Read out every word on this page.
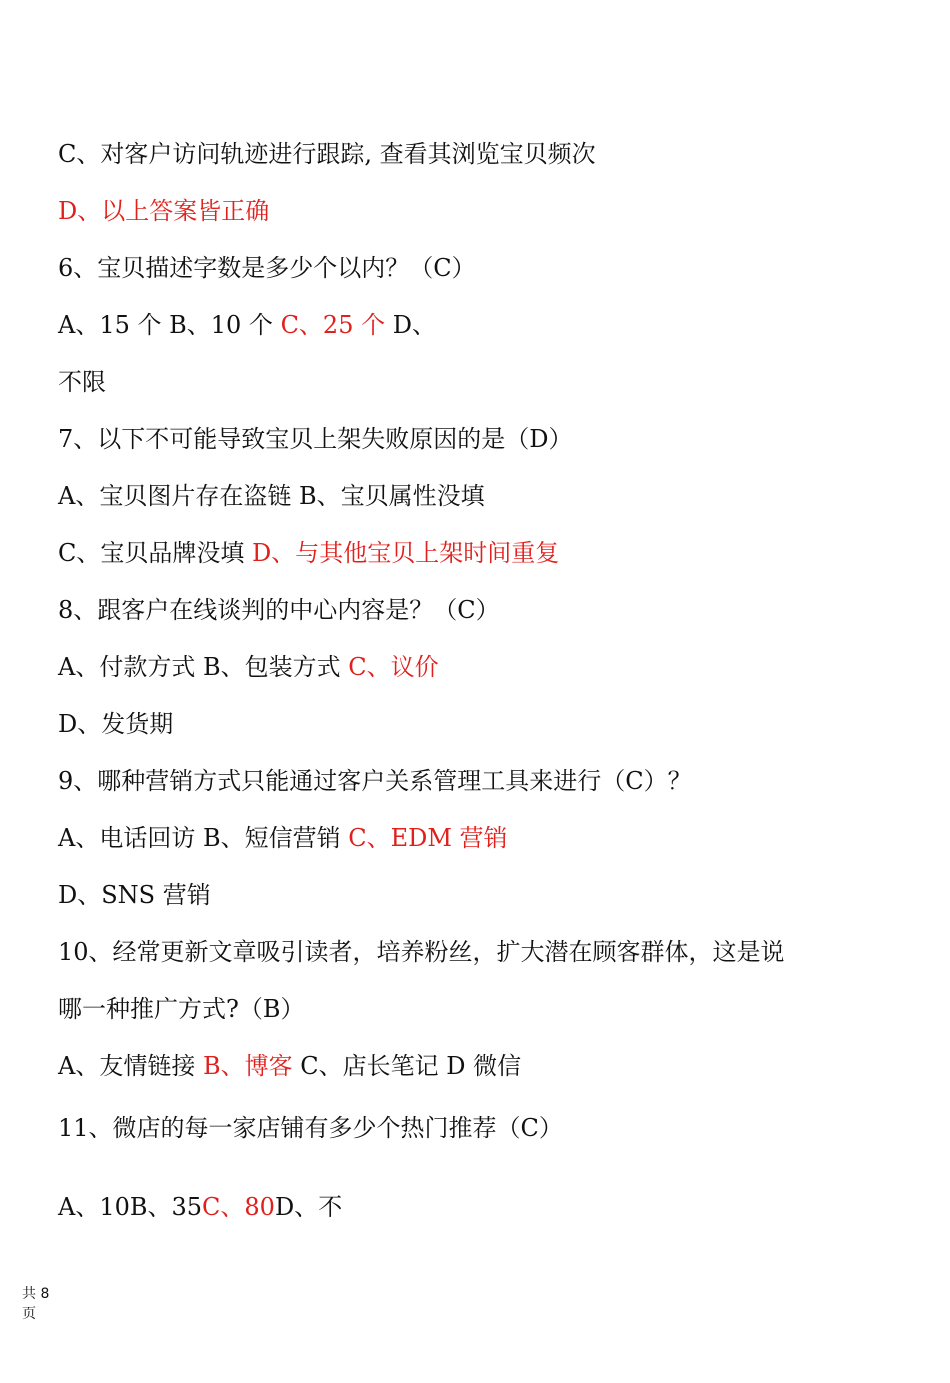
C、对客户访问轨迹进行跟踪, 查看其浏览宝贝频次
D、以上答案皆正确
6、宝贝描述字数是多少个以内？（C）
A、15 个 B、10 个 C、25 个 D、
不限
7、以下不可能导致宝贝上架失败原因的是（D）
A、宝贝图片存在盗链 B、宝贝属性没填
C、宝贝品牌没填 D、与其他宝贝上架时间重复
8、跟客户在线谈判的中心内容是？（C）
A、付款方式 B、包装方式 C、议价
D、发货期
9、哪种营销方式只能通过客户关系管理工具来进行（C）？
A、电话回访 B、短信营销 C、EDM 营销
D、SNS 营销
10、经常更新文章吸引读者，培养粉丝，扩大潜在顾客群体，这是说
哪一种推广方式?（B）
A、友情链接 B、博客 C、店长笔记 D 微信
11、微店的每一家店铺有多少个热门推荐（C）
A、10B、35C、80D、不
共 8
页
